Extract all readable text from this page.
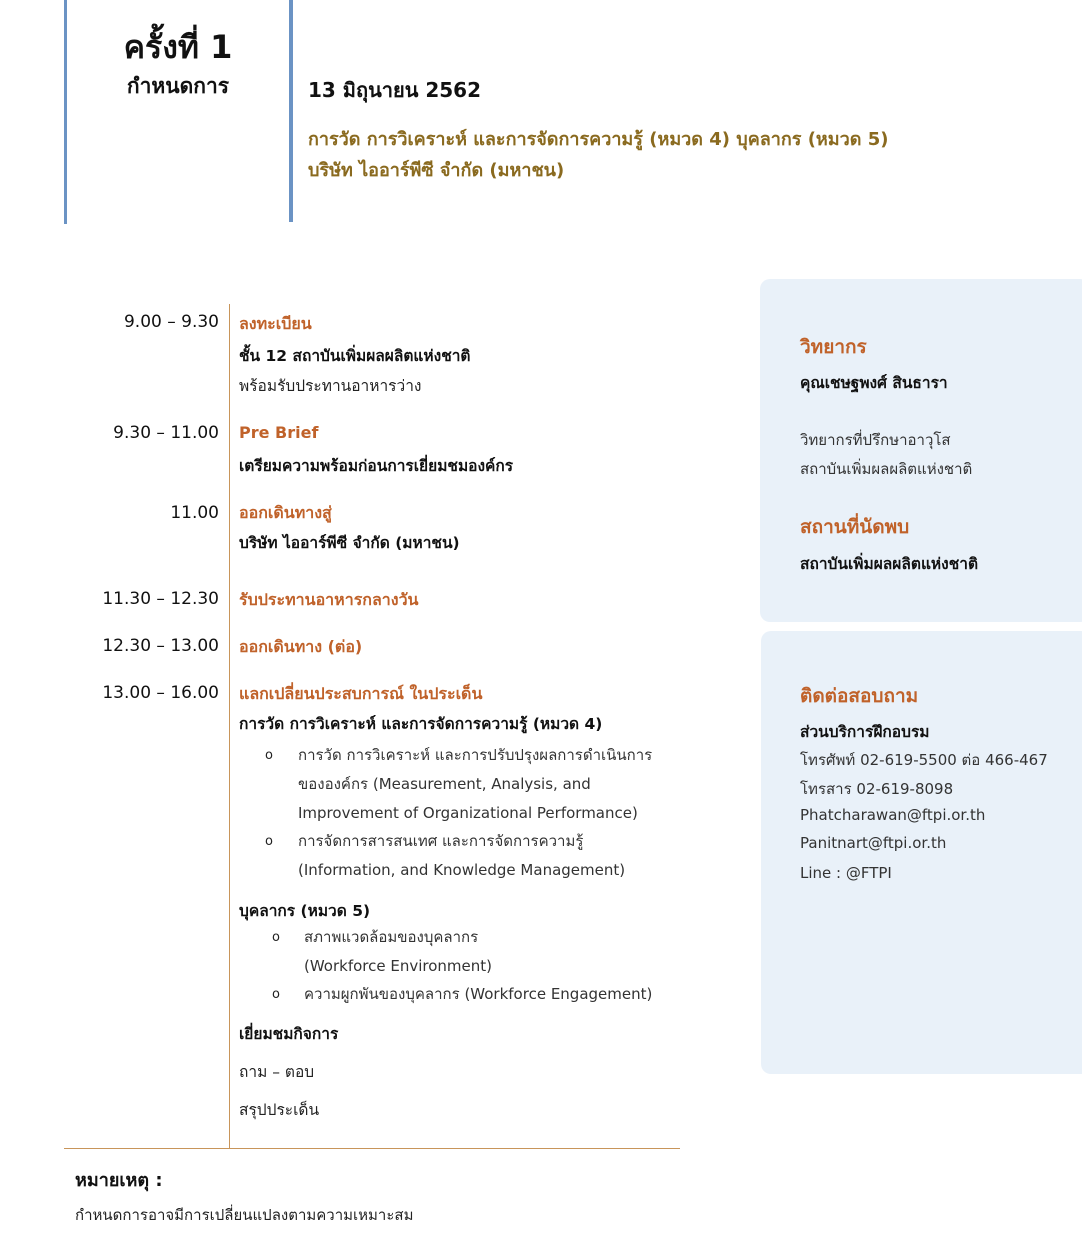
ครั้งที่ 1
กำหนดการ	13 มิถุนายน 2562
การวัด การวิเคราะห์ และการจัดการความรู้ (หมวด 4) บุคลากร (หมวด 5)
บริษัท ไออาร์พีซี จำกัด (มหาชน)
9.00 – 9.30 ลงทะเบียน
ชั้น 12 สถาบันเพิ่มผลผลิตแห่งชาติ
พร้อมรับประทานอาหารว่าง
9.30 – 11.00 Pre Brief
เตรียมความพร้อมก่อนการเยี่ยมชมองค์กร
11.00 ออกเดินทางสู่
บริษัท ไออาร์พีซี จำกัด (มหาชน)
11.30 – 12.30 รับประทานอาหารกลางวัน
12.30 – 13.00 ออกเดินทาง (ต่อ)
13.00 – 16.00 แลกเปลี่ยนประสบการณ์ ในประเด็น
การวัด การวิเคราะห์ และการจัดการความรู้ (หมวด 4)
o การวัด การวิเคราะห์ และการปรับปรุงผลการดำเนินการ
ขององค์กร (Measurement, Analysis, and
Improvement of Organizational Performance)
o การจัดการสารสนเทศ และการจัดการความรู้
(Information, and Knowledge Management)
บุคลากร (หมวด 5)
o สภาพแวดล้อมของบุคลากร
(Workforce Environment)
o ความผูกพันของบุคลากร (Workforce Engagement)
เยี่ยมชมกิจการ
ถาม – ตอบ
สรุปประเด็น
หมายเหตุ :
กำหนดการอาจมีการเปลี่ยนแปลงตามความเหมาะสม
วิทยากร
คุณเชษฐพงศ์ สินธารา
วิทยากรที่ปรึกษาอาวุโส
สถาบันเพิ่มผลผลิตแห่งชาติ
สถานที่นัดพบ
สถาบันเพิ่มผลผลิตแห่งชาติ
ติดต่อสอบถาม
ส่วนบริการฝึกอบรม
โทรศัพท์ 02-619-5500 ต่อ 466-467
โทรสาร 02-619-8098
Phatcharawan@ftpi.or.th
Panitnart@ftpi.or.th
Line : @FTPI
